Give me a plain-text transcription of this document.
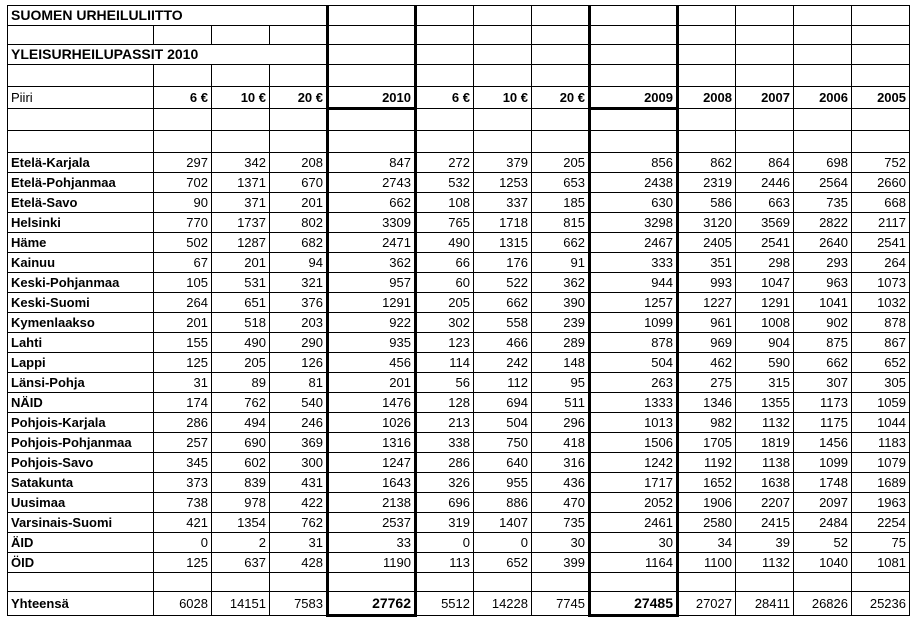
SUOMEN URHEILULIITTO												

YLEISURHEILUPASSIT 2010												

Piiri	6 €	10 €	20 €	2010	6 €	10 €	20 €	2009	2008	2007	2006	2005

Etelä-Karjala	297	342	208	847	272	379	205	856	862	864	698	752
Etelä-Pohjanmaa	702	1371	670	2743	532	1253	653	2438	2319	2446	2564	2660
Etelä-Savo	90	371	201	662	108	337	185	630	586	663	735	668
Helsinki	770	1737	802	3309	765	1718	815	3298	3120	3569	2822	2117
Häme	502	1287	682	2471	490	1315	662	2467	2405	2541	2640	2541
Kainuu	67	201	94	362	66	176	91	333	351	298	293	264
Keski-Pohjanmaa	105	531	321	957	60	522	362	944	993	1047	963	1073
Keski-Suomi	264	651	376	1291	205	662	390	1257	1227	1291	1041	1032
Kymenlaakso	201	518	203	922	302	558	239	1099	961	1008	902	878
Lahti	155	490	290	935	123	466	289	878	969	904	875	867
Lappi	125	205	126	456	114	242	148	504	462	590	662	652
Länsi-Pohja	31	89	81	201	56	112	95	263	275	315	307	305
NÄID	174	762	540	1476	128	694	511	1333	1346	1355	1173	1059
Pohjois-Karjala	286	494	246	1026	213	504	296	1013	982	1132	1175	1044
Pohjois-Pohjanmaa	257	690	369	1316	338	750	418	1506	1705	1819	1456	1183
Pohjois-Savo	345	602	300	1247	286	640	316	1242	1192	1138	1099	1079
Satakunta	373	839	431	1643	326	955	436	1717	1652	1638	1748	1689
Uusimaa	738	978	422	2138	696	886	470	2052	1906	2207	2097	1963
Varsinais-Suomi	421	1354	762	2537	319	1407	735	2461	2580	2415	2484	2254
ÄID	0	2	31	33	0	0	30	30	34	39	52	75
ÖID	125	637	428	1190	113	652	399	1164	1100	1132	1040	1081

Yhteensä	6028	14151	7583	27762	5512	14228	7745	27485	27027	28411	26826	25236
